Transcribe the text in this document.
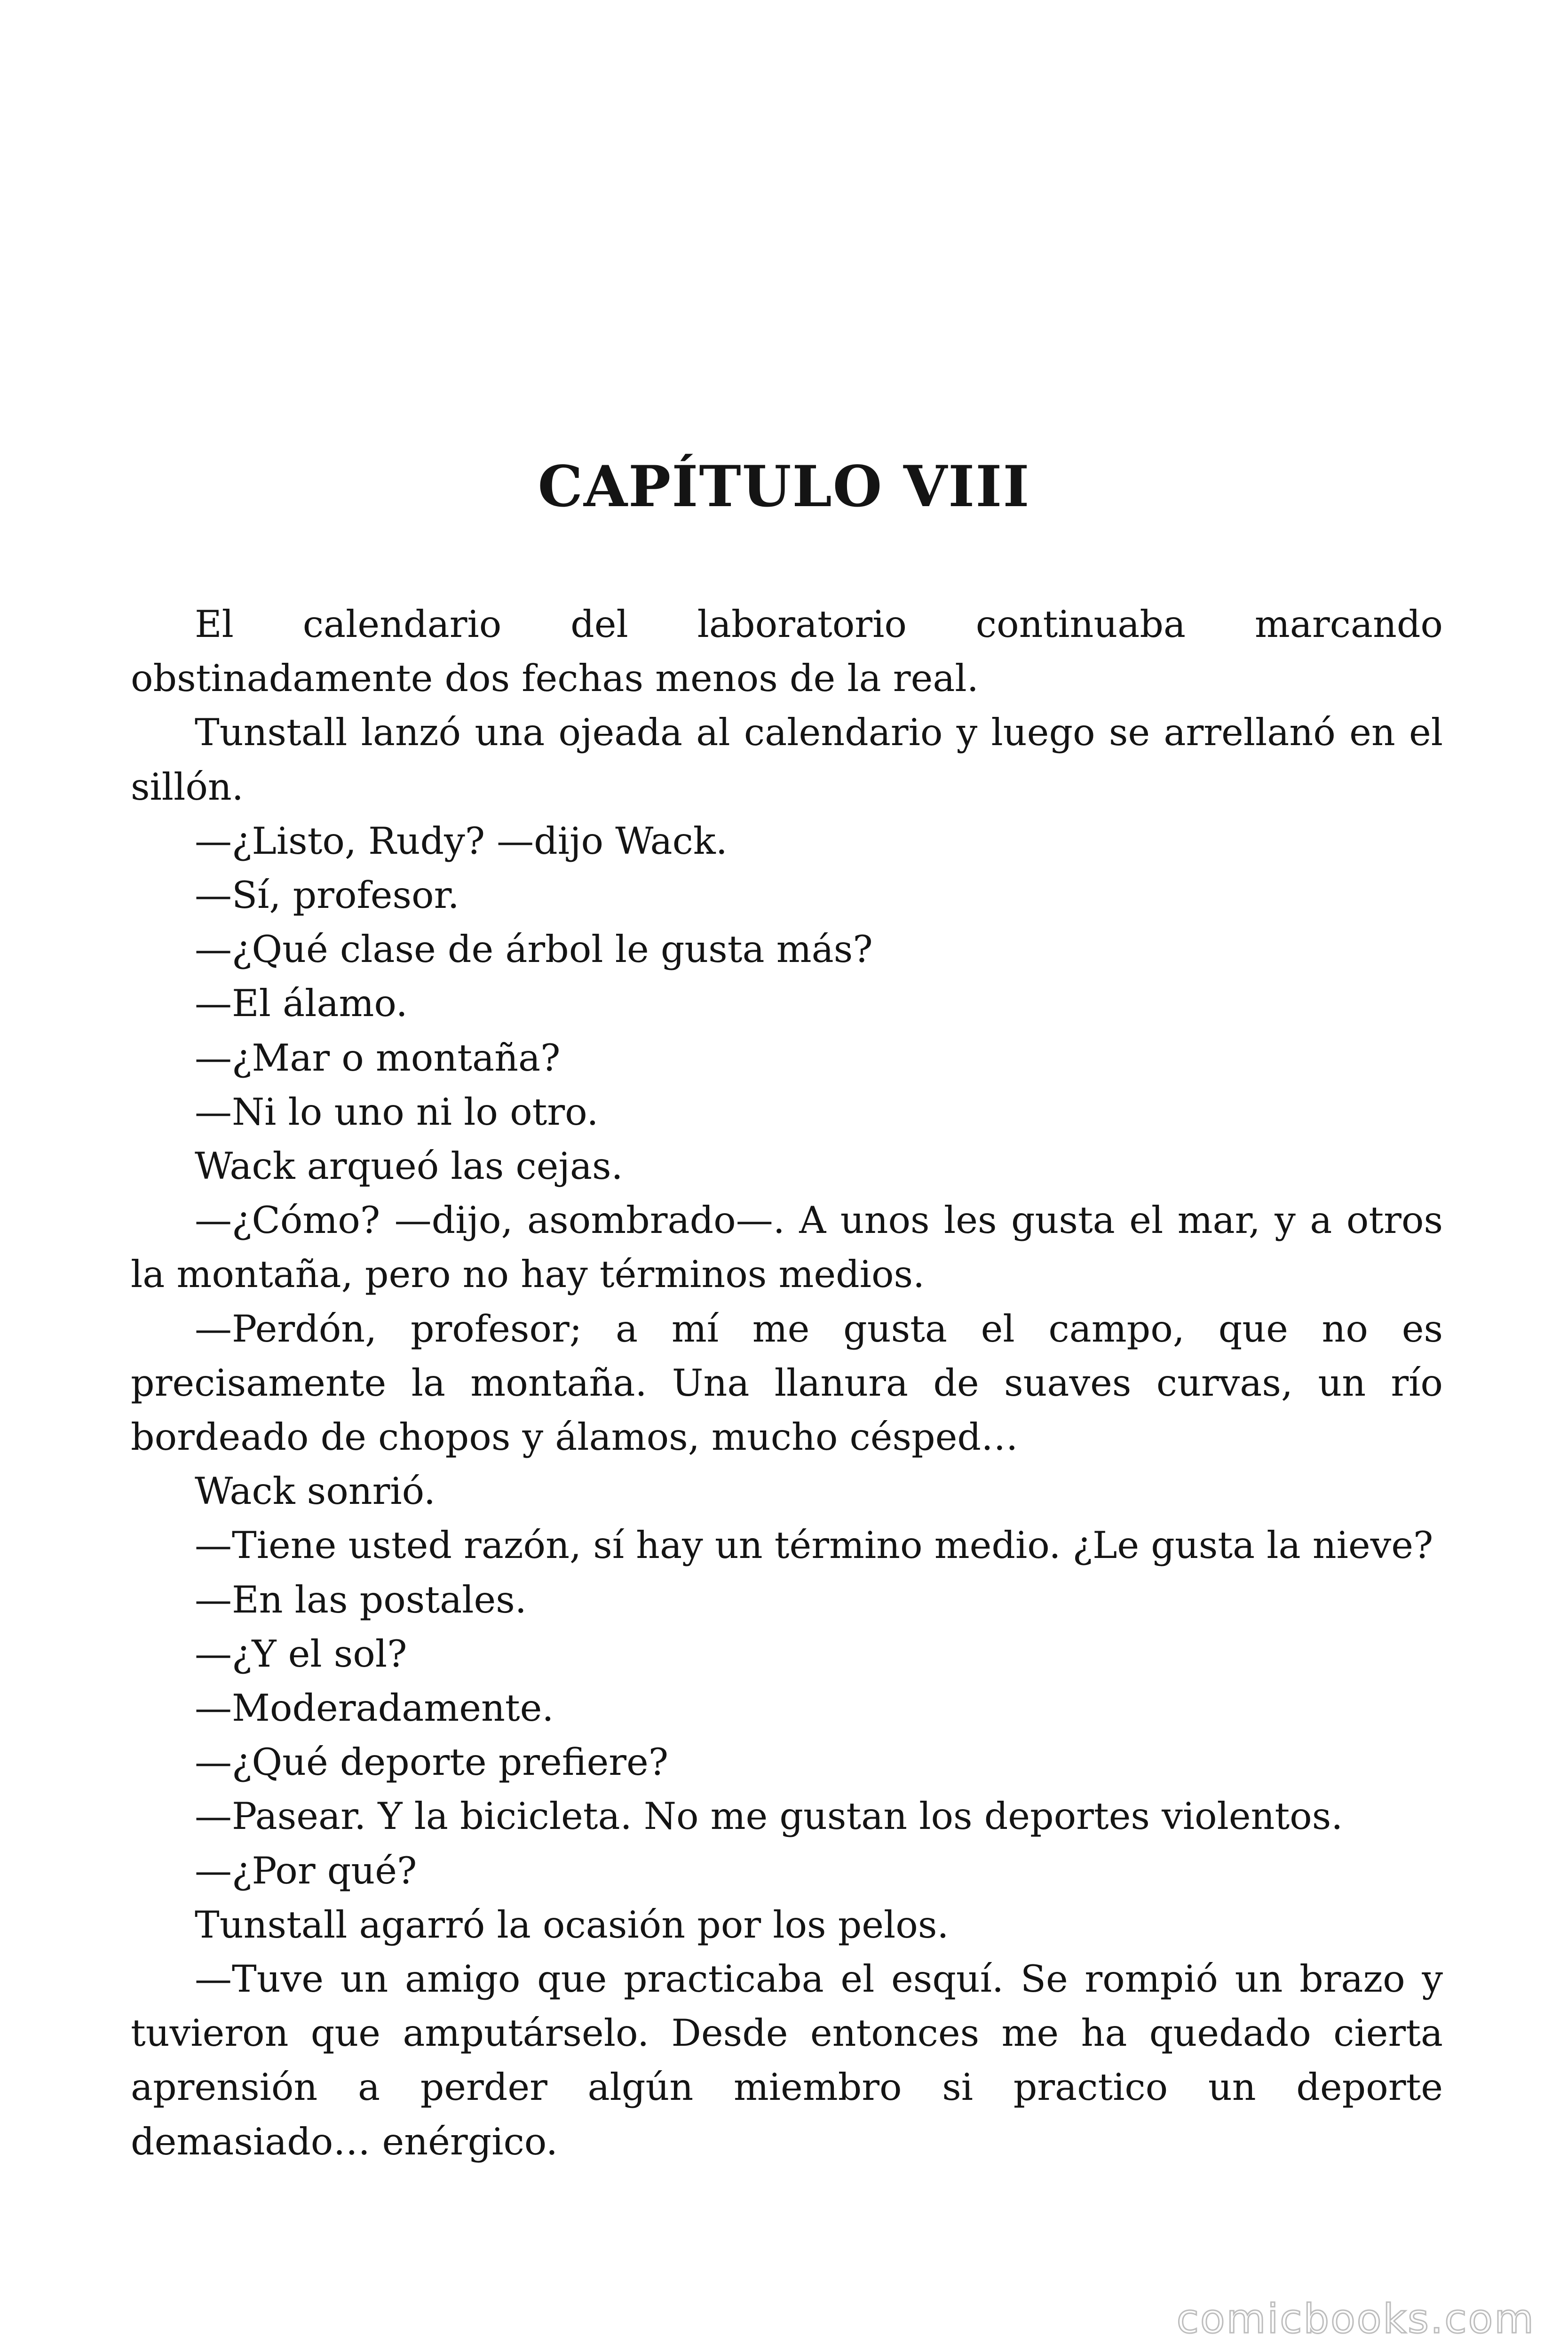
CAPÍTULO VIII

El calendario del laboratorio continuaba marcando obstinadamente dos fechas menos de la real.

Tunstall lanzó una ojeada al calendario y luego se arrellanó en el sillón.

—¿Listo, Rudy? —dijo Wack.

—Sí, profesor.

—¿Qué clase de árbol le gusta más?

—El álamo.

—¿Mar o montaña?

—Ni lo uno ni lo otro.

Wack arqueó las cejas.

—¿Cómo? —dijo, asombrado—. A unos les gusta el mar, y a otros la montaña, pero no hay términos medios.

—Perdón, profesor; a mí me gusta el campo, que no es precisamente la montaña. Una llanura de suaves curvas, un río bordeado de chopos y álamos, mucho césped…

Wack sonrió.

—Tiene usted razón, sí hay un término medio. ¿Le gusta la nieve?

—En las postales.

—¿Y el sol?

—Moderadamente.

—¿Qué deporte prefiere?

—Pasear. Y la bicicleta. No me gustan los deportes violentos.

—¿Por qué?

Tunstall agarró la ocasión por los pelos.

—Tuve un amigo que practicaba el esquí. Se rompió un brazo y tuvieron que amputárselo. Desde entonces me ha quedado cierta aprensión a perder algún miembro si practico un deporte demasiado… enérgico.

comicbooks.com
